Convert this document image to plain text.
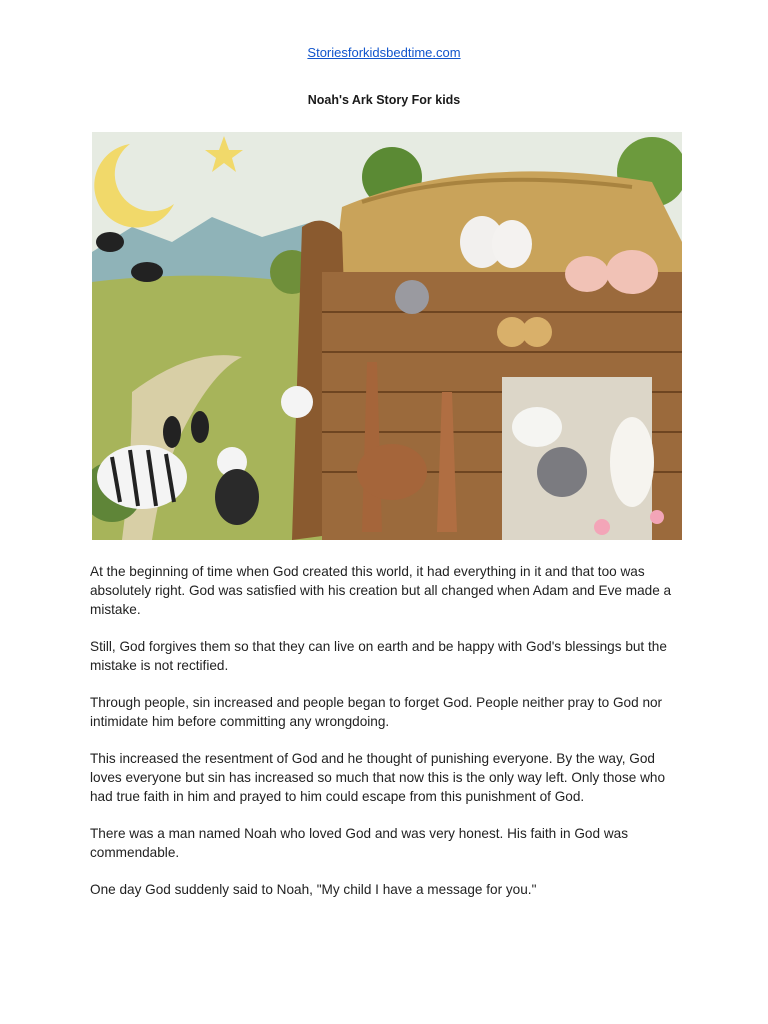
Storiesforkidsbedtime.com
Noah's Ark Story For kids

At the beginning of time when God created this world, it had everything in it and that too was absolutely right. God was satisfied with his creation but all changed when Adam and Eve made a mistake.

Still, God forgives them so that they can live on earth and be happy with God's blessings but the mistake is not rectified.

Through people, sin increased and people began to forget God. People neither pray to God nor intimidate him before committing any wrongdoing.

This increased the resentment of God and he thought of punishing everyone. By the way, God loves everyone but sin has increased so much that now this is the only way left. Only those who had true faith in him and prayed to him could escape from this punishment of God.

There was a man named Noah who loved God and was very honest. His faith in God was commendable.

One day God suddenly said to Noah, "My child I have a message for you."
